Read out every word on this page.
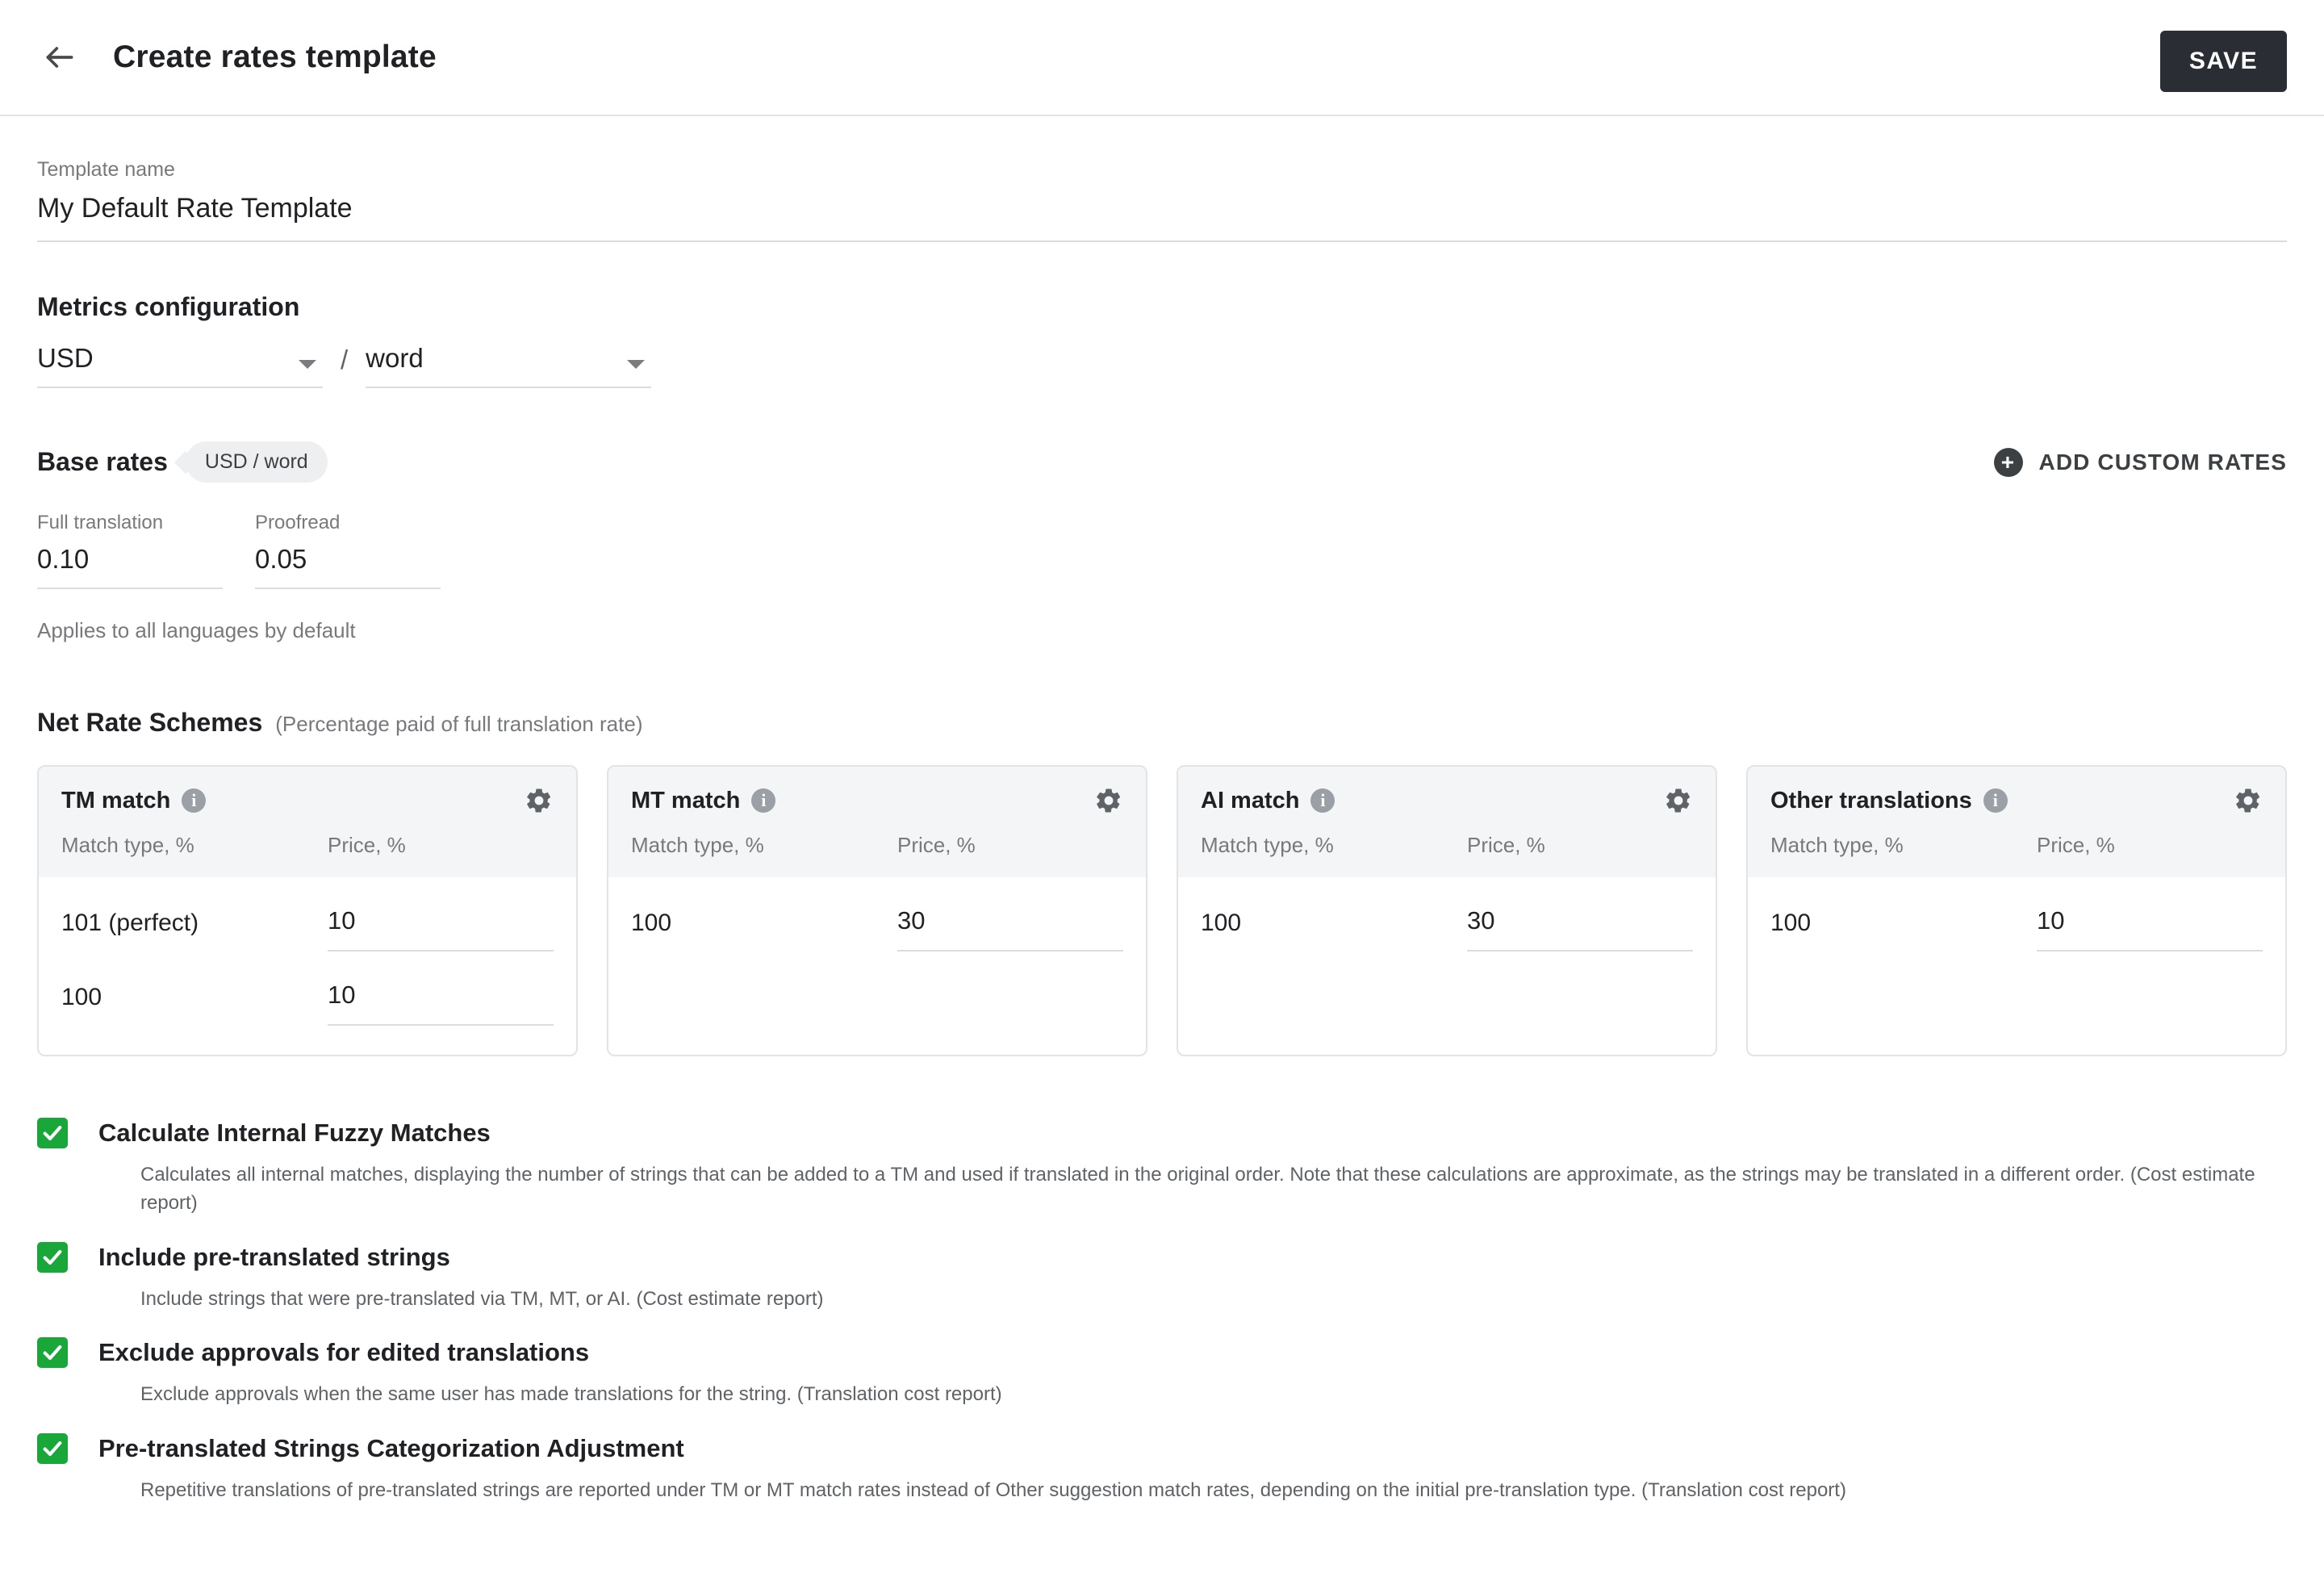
Create rates template	SAVE
Template name
My Default Rate Template
Metrics configuration
USD	/ word
Base rates	USD / word	+	ADD CUSTOM RATES
Full translation
0.10
Proofread
0.05
Applies to all languages by default
Net Rate Schemes (Percentage paid of full translation rate)
TM match	i
Match type, %	Price, %
101 (perfect)	10
100	10
MT match	i
Match type, %	Price, %
100	30
AI match	i
Match type, %	Price, %
100	30
Other translations	i
Match type, %	Price, %
100	10
Calculate Internal Fuzzy Matches
Calculates all internal matches, displaying the number of strings that can be added to a TM and used if translated in the original order. Note that these calculations are approximate, as the strings may be translated in a different order. (Cost estimate report)
Include pre-translated strings
Include strings that were pre-translated via TM, MT, or AI. (Cost estimate report)
Exclude approvals for edited translations
Exclude approvals when the same user has made translations for the string. (Translation cost report)
Pre-translated Strings Categorization Adjustment
Repetitive translations of pre-translated strings are reported under TM or MT match rates instead of Other suggestion match rates, depending on the initial pre-translation type. (Translation cost report)
